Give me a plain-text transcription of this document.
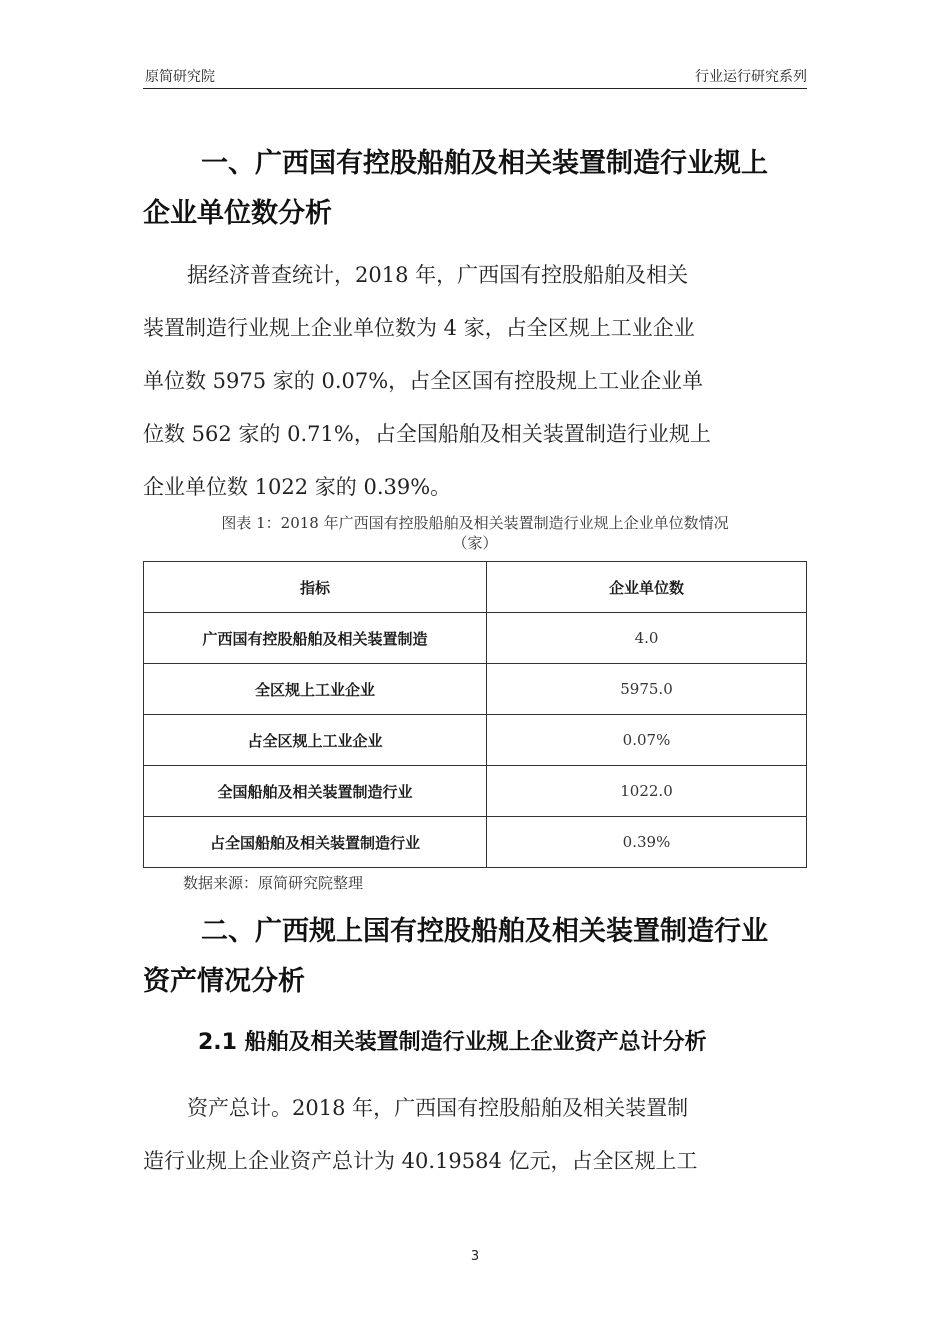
原简研究院	行业运行研究系列
一、广西国有控股船舶及相关装置制造行业规上
企业单位数分析
据经济普查统计，2018 年，广西国有控股船舶及相关
装置制造行业规上企业单位数为 4 家，占全区规上工业企业
单位数 5975 家的 0.07%，占全区国有控股规上工业企业单
位数 562 家的 0.71%，占全国船舶及相关装置制造行业规上
企业单位数 1022 家的 0.39%。
图表 1：2018 年广西国有控股船舶及相关装置制造行业规上企业单位数情况
（家）
指标	企业单位数
广西国有控股船舶及相关装置制造	4.0
全区规上工业企业	5975.0
占全区规上工业企业	0.07%
全国船舶及相关装置制造行业	1022.0
占全国船舶及相关装置制造行业	0.39%
数据来源：原简研究院整理
二、广西规上国有控股船舶及相关装置制造行业
资产情况分析
2.1 船舶及相关装置制造行业规上企业资产总计分析
资产总计。2018 年，广西国有控股船舶及相关装置制
造行业规上企业资产总计为 40.19584 亿元，占全区规上工
3
